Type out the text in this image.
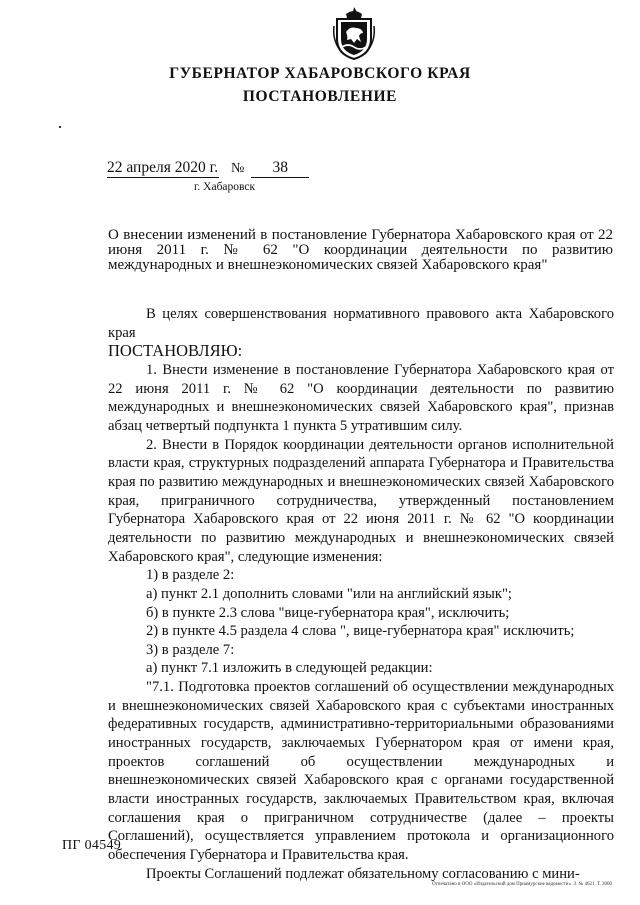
ГУБЕРНАТОР ХАБАРОВСКОГО КРАЯ
ПОСТАНОВЛЕНИЕ
22 апреля 2020 г. № 38
г. Хабаровск

О внесении изменений в постановление Губернатора Хабаровского края от 22 июня 2011 г. № 62 "О координации деятельности по развитию международных и внешнеэкономических связей Хабаровского края"

В целях совершенствования нормативного правового акта Хабаровского края

ПОСТАНОВЛЯЮ:

1. Внести изменение в постановление Губернатора Хабаровского края от 22 июня 2011 г. № 62 "О координации деятельности по развитию международных и внешнеэкономических связей Хабаровского края", признав абзац четвертый подпункта 1 пункта 5 утратившим силу.

2. Внести в Порядок координации деятельности органов исполнительной власти края, структурных подразделений аппарата Губернатора и Правительства края по развитию международных и внешнеэкономических связей Хабаровского края, приграничного сотрудничества, утвержденный постановлением Губернатора Хабаровского края от 22 июня 2011 г. № 62 "О координации деятельности по развитию международных и внешнеэкономических связей Хабаровского края", следующие изменения:

1) в разделе 2:

а) пункт 2.1 дополнить словами "или на английский язык";

б) в пункте 2.3 слова "вице-губернатора края", исключить;

2) в пункте 4.5 раздела 4 слова ", вице-губернатора края" исключить;

3) в разделе 7:

а) пункт 7.1 изложить в следующей редакции:

"7.1. Подготовка проектов соглашений об осуществлении международных и внешнеэкономических связей Хабаровского края с субъектами иностранных федеративных государств, административно-территориальными образованиями иностранных государств, заключаемых Губернатором края от имени края, проектов соглашений об осуществлении международных и внешнеэкономических связей Хабаровского края с органами государственной власти иностранных государств, заключаемых Правительством края, включая соглашения края о приграничном сотрудничестве (далее – проекты Соглашений), осуществляется управлением протокола и организационного обеспечения Губернатора и Правительства края.

Проекты Соглашений подлежат обязательному согласованию с мини-

ПГ 04549
Отпечатано в ООО «Издательский дом Приамурские ведомости». З. № 4621. Т. 3000
